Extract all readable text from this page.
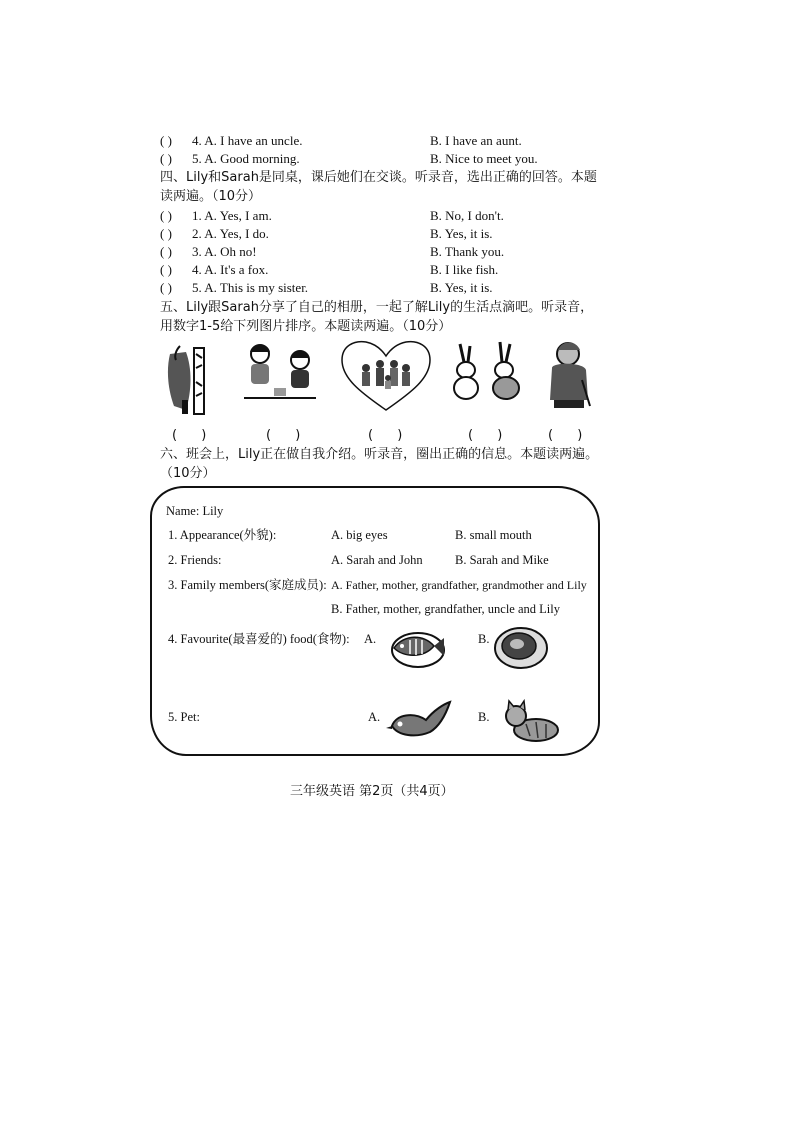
( ) 4. A. I have an uncle.	B. I have an aunt.
( ) 5. A. Good morning.	B. Nice to meet you.
四、Lily和Sarah是同桌，课后她们在交谈。听录音，选出正确的回答。本题读两遍。（10分）
( ) 1. A. Yes, I am.	B. No, I don't.
( ) 2. A. Yes, I do.	B. Yes, it is.
( ) 3. A. Oh no!	B. Thank you.
( ) 4. A. It's a fox.	B. I like fish.
( ) 5. A. This is my sister.	B. Yes, it is.
五、Lily跟Sarah分享了自己的相册，一起了解Lily的生活点滴吧。听录音，用数字1-5给下列图片排序。本题读两遍。（10分）
( )	( )	( )	( )	( )
六、班会上，Lily正在做自我介绍。听录音，圈出正确的信息。本题读两遍。（10分）
Name: Lily
1. Appearance(外貌):	A. big eyes	B. small mouth
2. Friends:	A. Sarah and John	B. Sarah and Mike
3. Family members(家庭成员): A. Father, mother, grandfather, grandmother and Lily
B. Father, mother, grandfather, uncle and Lily
4. Favourite(最喜爱的) food(食物): A.	B.
5. Pet:	A.	B.
三年级英语 第2页（共4页）
